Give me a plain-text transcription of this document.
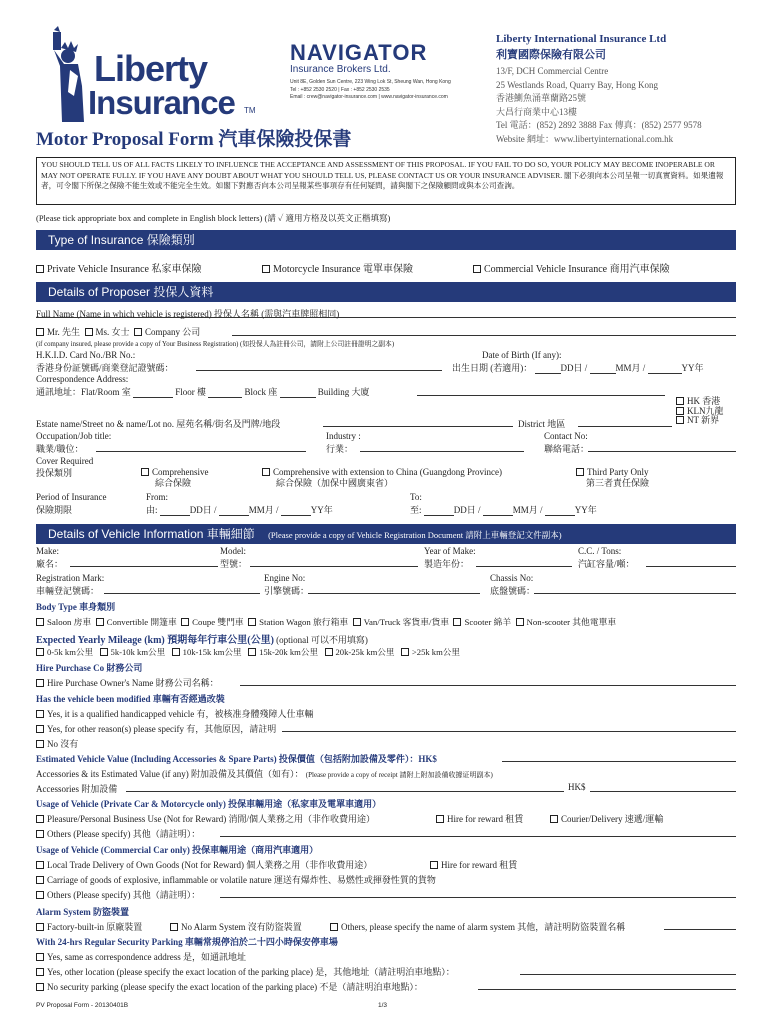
Liberty
Insurance TM
NAVIGATOR
Insurance Brokers Ltd.
Unit 8E, Golden Sun Centre, 223 Wing Lok St, Sheung Wan, Hong Kong
Tel : +852 2530 2520 | Fax : +852 2530 2535
Email : crew@navigator-insurance.com | www.navigator-insurance.com
Liberty International Insurance Ltd
利寶國際保險有限公司
13/F, DCH Commercial Centre
25 Westlands Road, Quarry Bay, Hong Kong
香港鰂魚涌華蘭路25號
大昌行商業中心13樓
Tel 電話：(852) 2892 3888 Fax 傳真：(852) 2577 9578
Website 網址：www.libertyinternational.com.hk
Motor Proposal Form 汽車保險投保書
YOU SHOULD TELL US OF ALL FACTS LIKELY TO INFLUENCE THE ACCEPTANCE AND ASSESSMENT OF THIS PROPOSAL. IF YOU FAIL TO DO SO, YOUR POLICY MAY BECOME INOPERABLE OR MAY NOT OPERATE FULLY. IF YOU HAVE ANY DOUBT ABOUT WHAT YOU SHOULD TELL US, PLEASE CONTACT US OR YOUR INSURANCE ADVISER. 閣下必須向本公司呈報一切真實資料。如果遺報者，可令閣下所保之保險不能生效或不能完全生效。如閣下對應否向本公司呈報某些事項存有任何疑問，請與閣下之保險顧問或與本公司查詢。
(Please tick appropriate box and complete in English block letters) (請 ✓ 適用方格及以英文正楷填寫)
Type of Insurance 保險類別
Private Vehicle Insurance 私家車保險	Motorcycle Insurance 電單車保險	Commercial Vehicle Insurance 商用汽車保險
Details of Proposer 投保人資料
Full Name (Name in which vehicle is registered) 投保人名稱 (需與汽車牌照相同)
Mr. 先生 Ms. 女士 Company 公司
(if company insured, please provide a copy of Your Business Registration) (如投保人為註冊公司，請附上公司註冊證明之副本)
H.K.I.D. Card No./BR No.:
香港身份証號碼/商業登記證號碼：
Date of Birth (If any):
出生日期 (若適用)：	DD日 /	MM月 /	YY年
Correspondence Address:
通訊地址：Flat/Room 室	Floor 樓	Block 座	Building 大廈
HK 香港
KLN九龍
NT 新界
Estate name/Street no & name/Lot no. 屋苑名稱/街名及門牌/地段	District 地區
Occupation/Job title:
職業/職位：
Industry :
行業：
Contact No:
聯絡電話：
Cover Required
投保類別	Comprehensive
綜合保險
Comprehensive with extension to China (Guangdong Province)
綜合保險（加保中國廣東省）
Third Party Only
第三者責任保險
Period of Insurance
保險期限
From:
由:	DD日 /	MM月 /	YY年
To:
至:	DD日 /	MM月 /	YY年
Details of Vehicle Information 車輛細節 (Please provide a copy of Vehicle Registration Document 請附上車輛登記文件副本)
Make:
廠名：
Model:
型號：
Year of Make:
製造年份：
C.C. / Tons:
汽缸容量/噸：
Registration Mark:
車輛登記號碼：
Engine No:
引擎號碼：
Chassis No:
底盤號碼：
Body Type 車身類別
Saloon 房車 Convertible 開篷車 Coupe 雙門車 Station Wagon 旅行箱車 Van/Truck 客貨車/貨車 Scooter 綿羊 Non-scooter 其他電單車
Expected Yearly Mileage (km) 預期每年行車公里(公里) (optional 可以不用填寫)
0-5k km公里 5k-10k km公里 10k-15k km公里 15k-20k km公里 20k-25k km公里 >25k km公里
Hire Purchase Co 財務公司
Hire Purchase Owner's Name 財務公司名稱：
Has the vehicle been modified 車輛有否經過改裝
Yes, it is a qualified handicapped vehicle 有，被核准身體殘障人仕車輛
Yes, for other reason(s) please specify 有，其他原因，請註明
No 沒有
Estimated Vehicle Value (Including Accessories & Spare Parts) 投保價值（包括附加設備及零件）：HK$
Accessories & its Estimated Value (if any) 附加設備及其價值（如有）： (Please provide a copy of receipt 請附上附加設備收據证明副本)
Accessories 附加設備	HK$
Usage of Vehicle (Private Car & Motorcycle only) 投保車輛用途（私家車及電單車適用）
Pleasure/Personal Business Use (Not for Reward) 消閒/個人業務之用（非作收費用途）	Hire for reward 租賃	Courier/Delivery 速遞/運輸
Others (Please specify) 其他（請註明）：
Usage of Vehicle (Commercial Car only) 投保車輛用途（商用汽車適用）
Local Trade Delivery of Own Goods (Not for Reward) 個人業務之用（非作收費用途）	Hire for reward 租賃
Carriage of goods of explosive, inflammable or volatile nature 運送有爆炸性、易燃性或揮發性質的貨物
Others (Please specify) 其他（請註明）：
Alarm System 防盜裝置
Factory-built-in 原廠裝置	No Alarm System 沒有防盜裝置	Others, please specify the name of alarm system 其他，請註明防盜裝置名稱
With 24-hrs Regular Security Parking 車輛常規停泊於二十四小時保安停車場
Yes, same as correspondence address 是，如通訊地址
Yes, other location (please specify the exact location of the parking place) 是，其他地址（請註明泊車地點）：
No security parking (please specify the exact location of the parking place) 不是（請註明泊車地點）：
PV Proposal Form - 20130401B	1/3
